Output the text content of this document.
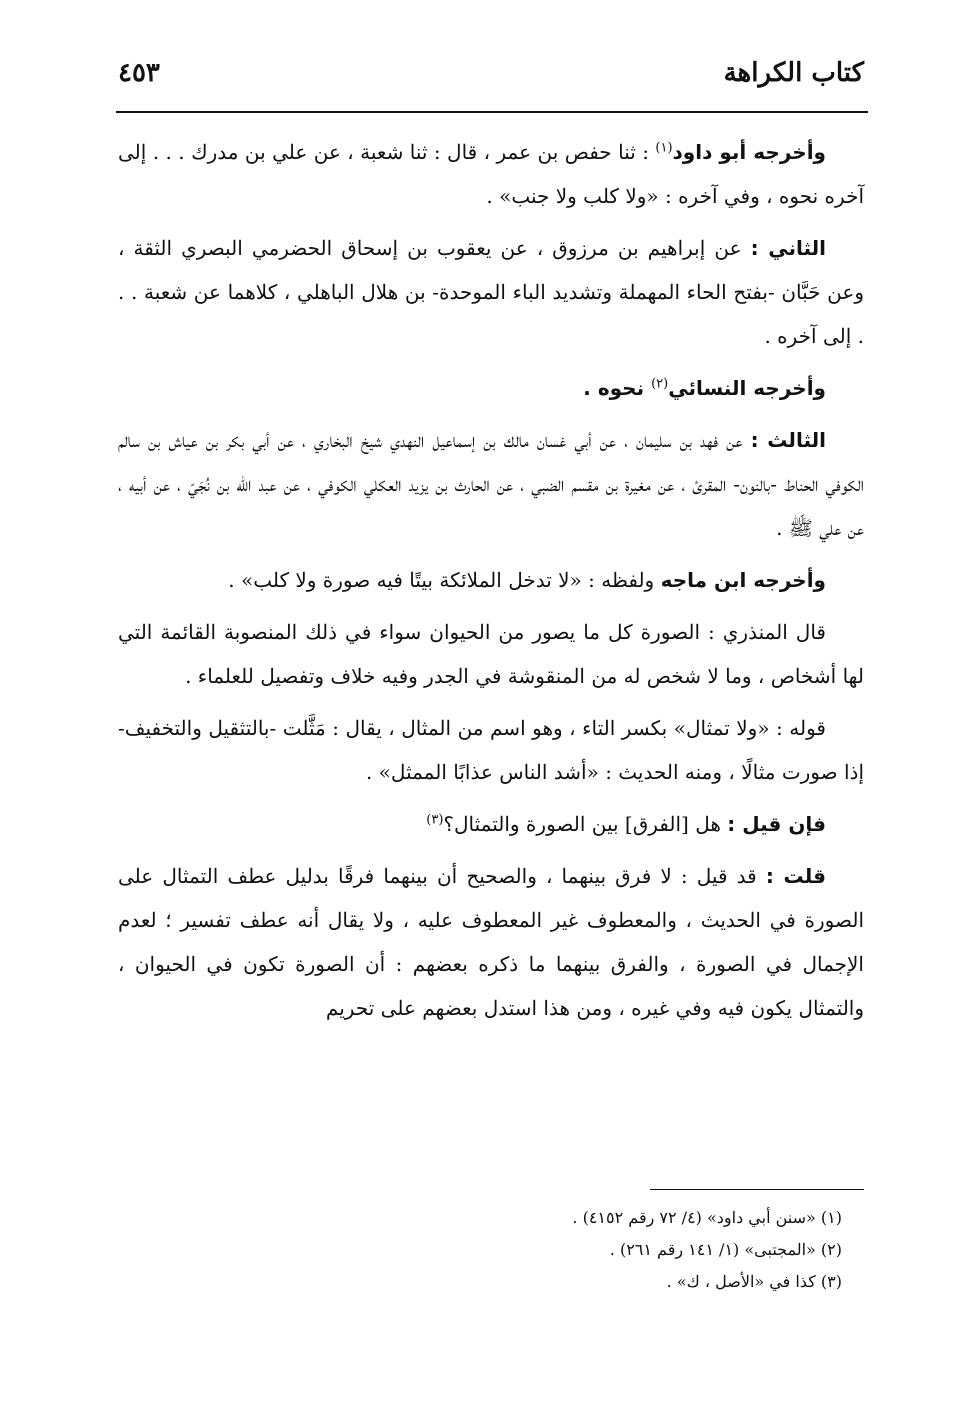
كتاب الكراهة
٤٥٣

وأخرجه أبو داود$^{(١)}$ : ثنا حفص بن عمر ، قال : ثنا شعبة ، عن علي بن مدرك . . . إلى آخره نحوه ، وفي آخره : «ولا كلب ولا جنب» .

الثاني : عن إبراهيم بن مرزوق ، عن يعقوب بن إسحاق الحضرمي البصري الثقة ، وعن حَبَّان -بفتح الحاء المهملة وتشديد الباء الموحدة- بن هلال الباهلي ، كلاهما عن شعبة . . . إلى آخره .

وأخرجه النسائي$^{(٢)}$ نحوه .

الثالث : عن فهد بن سليمان ، عن أبي غسان مالك بن إسماعيل النهدي شيخ البخاري ، عن أبي بكر بن عياش بن سالم الكوفي الحناط -بالنون- المقرئ ، عن مغيرة بن مقسم الضبي ، عن الحارث بن يزيد العكلي الكوفي ، عن عبد الله بن نُجَيّ ، عن أبيه ، عن علي ﷺ .

وأخرجه ابن ماجه ولفظه : «لا تدخل الملائكة بيتًا فيه صورة ولا كلب» .

قال المنذري : الصورة كل ما يصور من الحيوان سواء في ذلك المنصوبة القائمة التي لها أشخاص ، وما لا شخص له من المنقوشة في الجدر وفيه خلاف وتفصيل للعلماء .

قوله : «ولا تمثال» بكسر التاء ، وهو اسم من المثال ، يقال : مَثَّلت -بالتثقيل والتخفيف- إذا صورت مثالًا ، ومنه الحديث : «أشد الناس عذابًا الممثل» .

فإن قيل : هل [الفرق] بين الصورة والتمثال؟$^{(٣)}$

قلت : قد قيل : لا فرق بينهما ، والصحيح أن بينهما فرقًا بدليل عطف التمثال على الصورة في الحديث ، والمعطوف غير المعطوف عليه ، ولا يقال أنه عطف تفسير ؛ لعدم الإجمال في الصورة ، والفرق بينهما ما ذكره بعضهم : أن الصورة تكون في الحيوان ، والتمثال يكون فيه وفي غيره ، ومن هذا استدل بعضهم على تحريم

(١) «سنن أبي داود» (٤/ ٧٢ رقم ٤١٥٢) .
(٢) «المجتبى» (١/ ١٤١ رقم ٢٦١) .
(٣) كذا في «الأصل ، ك» .
